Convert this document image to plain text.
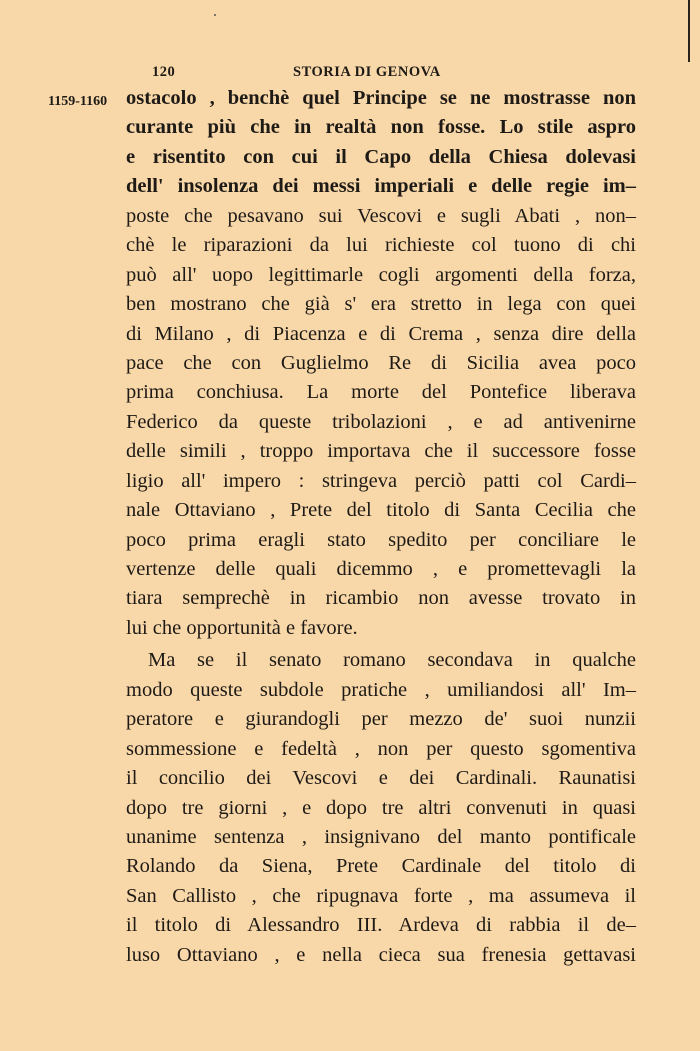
120	STORIA DI GENOVA
1159-1160 ostacolo , benchè quel Principe se ne mostrasse non
curante più che in realtà non fosse. Lo stile aspro
e risentito con cui il Capo della Chiesa dolevasi
dell' insolenza dei messi imperiali e delle regie im–
poste che pesavano sui Vescovi e sugli Abati , non–
chè le riparazioni da lui richieste col tuono di chi
può all' uopo legittimarle cogli argomenti della forza,
ben mostrano che già s' era stretto in lega con quei
di Milano , di Piacenza e di Crema , senza dire della
pace che con Guglielmo Re di Sicilia avea poco
prima conchiusa. La morte del Pontefice liberava
Federico da queste tribolazioni , e ad antivenirne
delle simili , troppo importava che il successore fosse
ligio all' impero : stringeva perciò patti col Cardi–
nale Ottaviano , Prete del titolo di Santa Cecilia che
poco prima eragli stato spedito per conciliare le
vertenze delle quali dicemmo , e promettevagli la
tiara semprechè in ricambio non avesse trovato in
lui che opportunità e favore.
Ma se il senato romano secondava in qualche
modo queste subdole pratiche , umiliandosi all' Im–
peratore e giurandogli per mezzo de' suoi nunzii
sommessione e fedeltà , non per questo sgomentiva
il concilio dei Vescovi e dei Cardinali. Raunatisi
dopo tre giorni , e dopo tre altri convenuti in quasi
unanime sentenza , insignivano del manto pontificale
Rolando da Siena, Prete Cardinale del titolo di
San Callisto , che ripugnava forte , ma assumeva il
il titolo di Alessandro III. Ardeva di rabbia il de–
luso Ottaviano , e nella cieca sua frenesia gettavasi
